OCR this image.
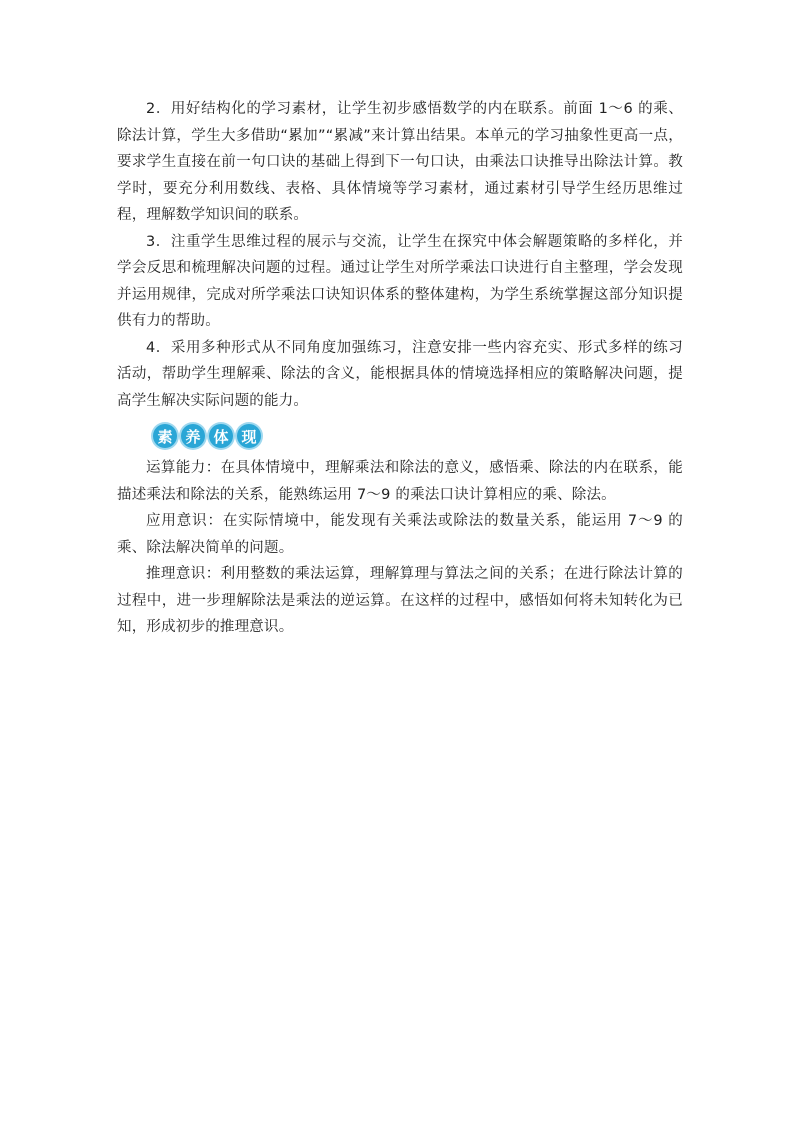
2．用好结构化的学习素材，让学生初步感悟数学的内在联系。前面 1～6 的乘、除法计算，学生大多借助“累加”“累减”来计算出结果。本单元的学习抽象性更高一点，要求学生直接在前一句口诀的基础上得到下一句口诀，由乘法口诀推导出除法计算。教学时，要充分利用数线、表格、具体情境等学习素材，通过素材引导学生经历思维过程，理解数学知识间的联系。

3．注重学生思维过程的展示与交流，让学生在探究中体会解题策略的多样化，并学会反思和梳理解决问题的过程。通过让学生对所学乘法口诀进行自主整理，学会发现并运用规律，完成对所学乘法口诀知识体系的整体建构，为学生系统掌握这部分知识提供有力的帮助。

4．采用多种形式从不同角度加强练习，注意安排一些内容充实、形式多样的练习活动，帮助学生理解乘、除法的含义，能根据具体的情境选择相应的策略解决问题，提高学生解决实际问题的能力。

素 养 体 现

运算能力：在具体情境中，理解乘法和除法的意义，感悟乘、除法的内在联系，能描述乘法和除法的关系，能熟练运用 7～9 的乘法口诀计算相应的乘、除法。

应用意识：在实际情境中，能发现有关乘法或除法的数量关系，能运用 7～9 的乘、除法解决简单的问题。

推理意识：利用整数的乘法运算，理解算理与算法之间的关系；在进行除法计算的过程中，进一步理解除法是乘法的逆运算。在这样的过程中，感悟如何将未知转化为已知，形成初步的推理意识。
